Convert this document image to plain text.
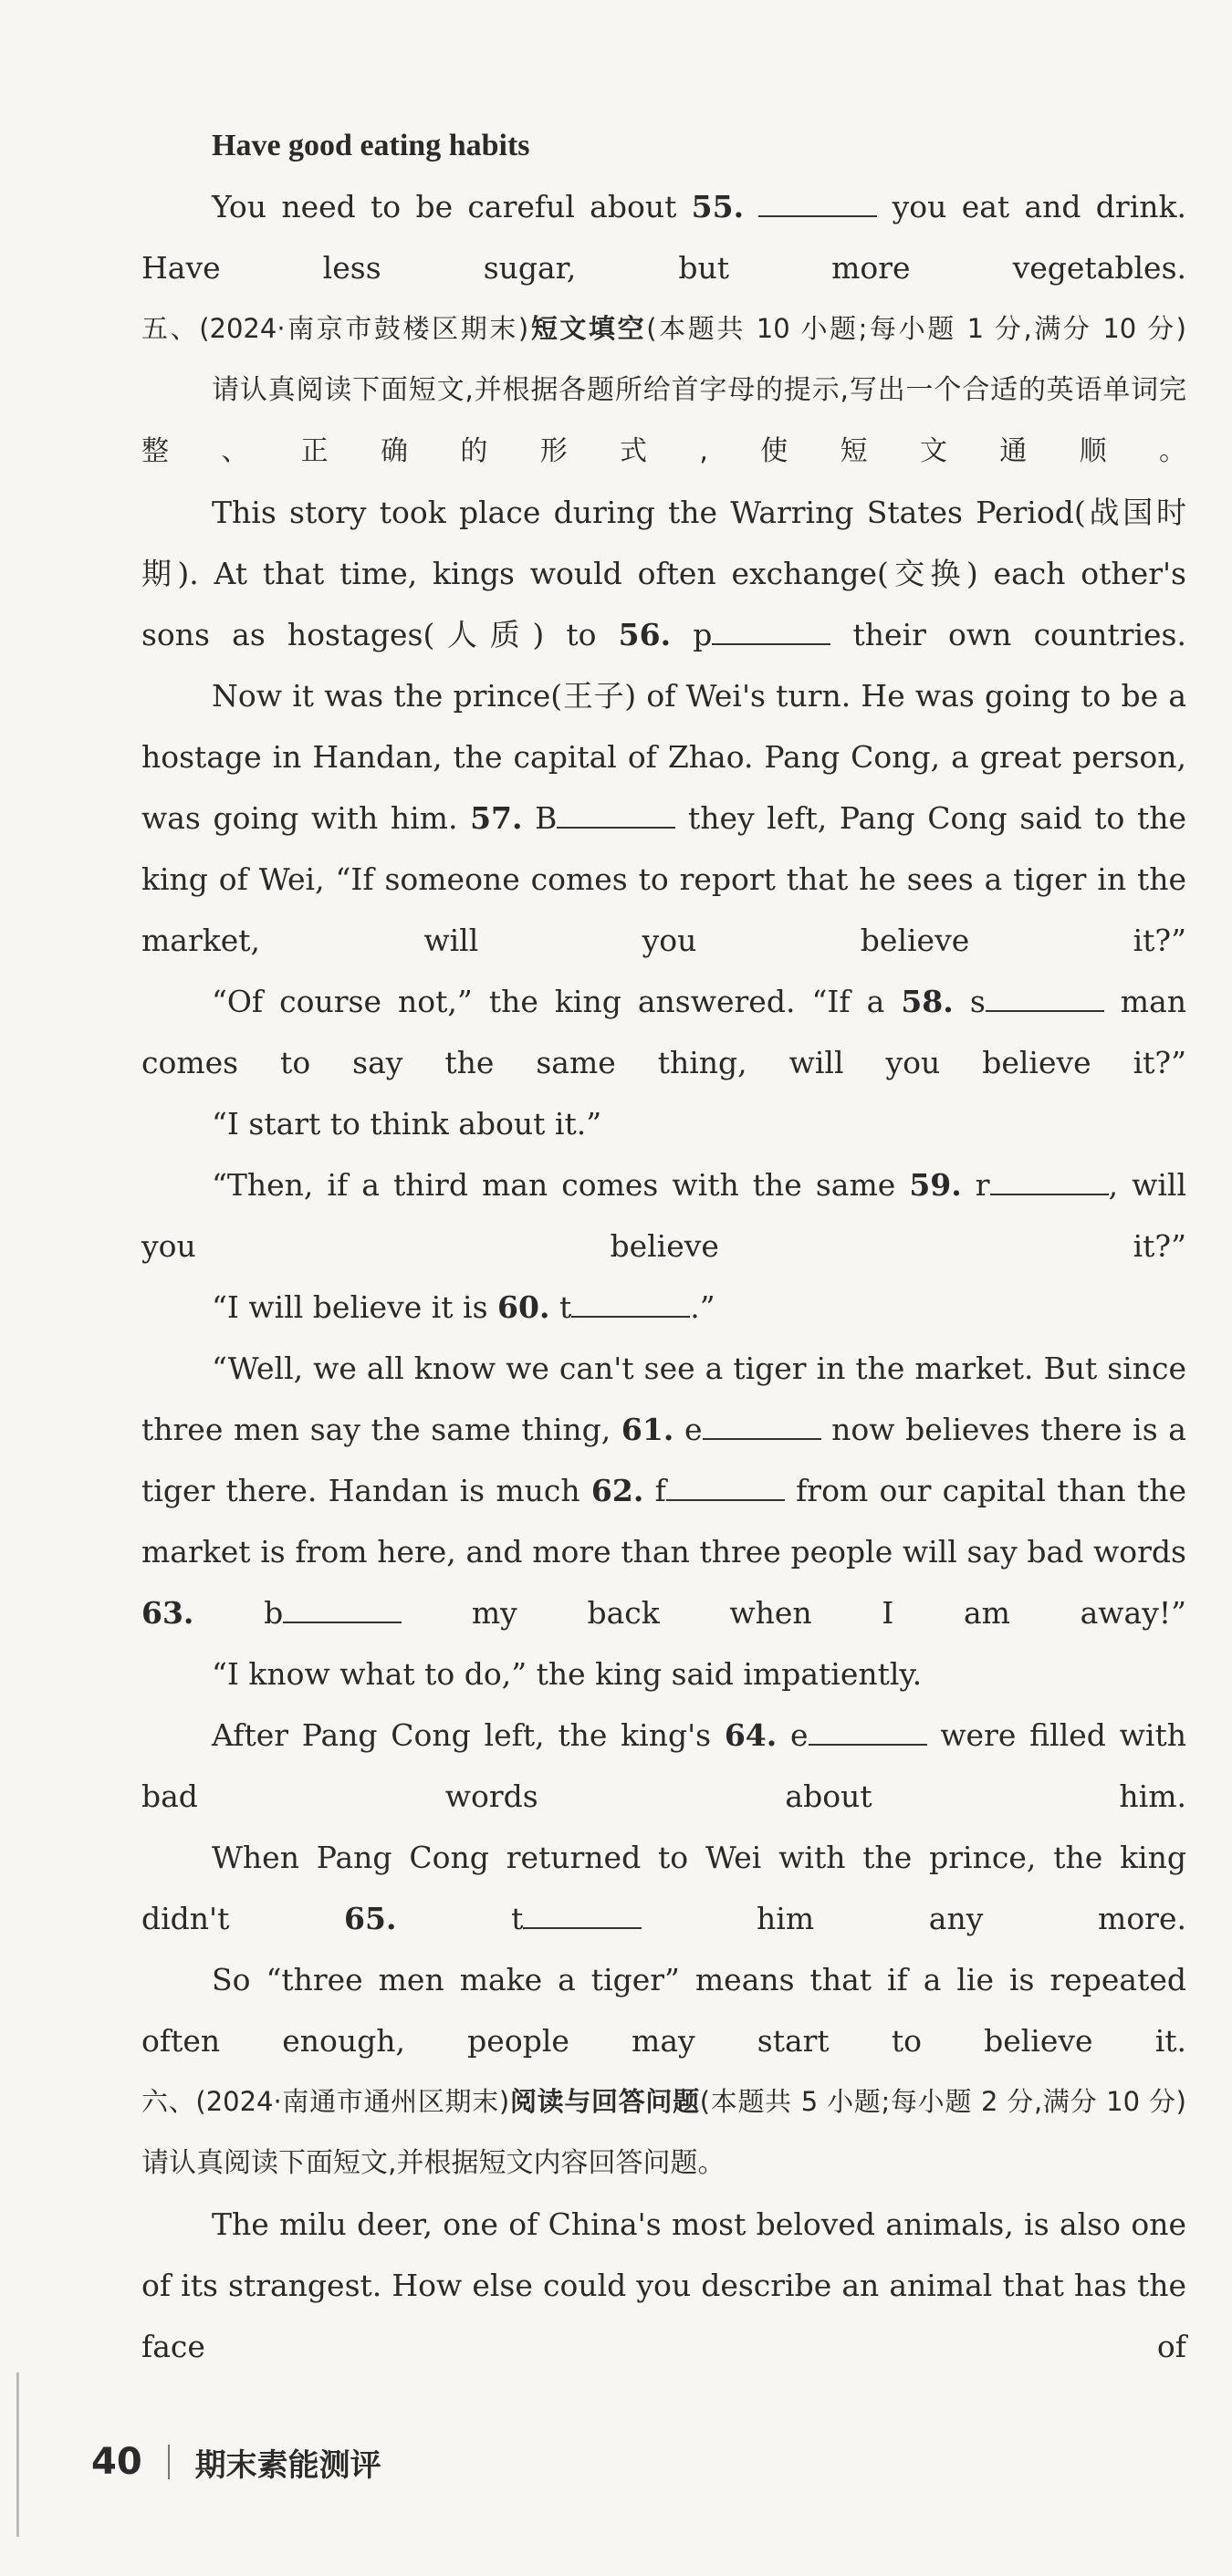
Have good eating habits

You need to be careful about 55.	you eat and drink. Have less sugar, but more vegetables.

五、(2024·南京市鼓楼区期末)短文填空(本题共 10 小题;每小题 1 分,满分 10 分)

请认真阅读下面短文,并根据各题所给首字母的提示,写出一个合适的英语单词完整、正确的形式,使短文通顺。

This story took place during the Warring States Period(战国时期). At that time, kings would often exchange(交换) each other's sons as hostages(人质) to 56. p	their own countries.

Now it was the prince(王子) of Wei's turn. He was going to be a hostage in Handan, the capital of Zhao. Pang Cong, a great person, was going with him. 57. B	they left, Pang Cong said to the king of Wei, “If someone comes to report that he sees a tiger in the market, will you believe it?”

“Of course not,” the king answered. “If a 58. s	man comes to say the same thing, will you believe it?”

“I start to think about it.”

“Then, if a third man comes with the same 59. r	, will you believe it?”

“I will believe it is 60. t	.”

“Well, we all know we can't see a tiger in the market. But since three men say the same thing, 61. e	now believes there is a tiger there. Handan is much 62. f	from our capital than the market is from here, and more than three people will say bad words 63. b	my back when I am away!”

“I know what to do,” the king said impatiently.

After Pang Cong left, the king's 64. e	were filled with bad words about him.

When Pang Cong returned to Wei with the prince, the king didn't 65.	t	him any more.

So “three men make a tiger” means that if a lie is repeated often enough, people may start to believe it.

六、(2024·南通市通州区期末)阅读与回答问题(本题共 5 小题;每小题 2 分,满分 10 分)

请认真阅读下面短文,并根据短文内容回答问题。

The milu deer, one of China's most beloved animals, is also one of its strangest. How else could you describe an animal that has the face of

40 期末素能测评
